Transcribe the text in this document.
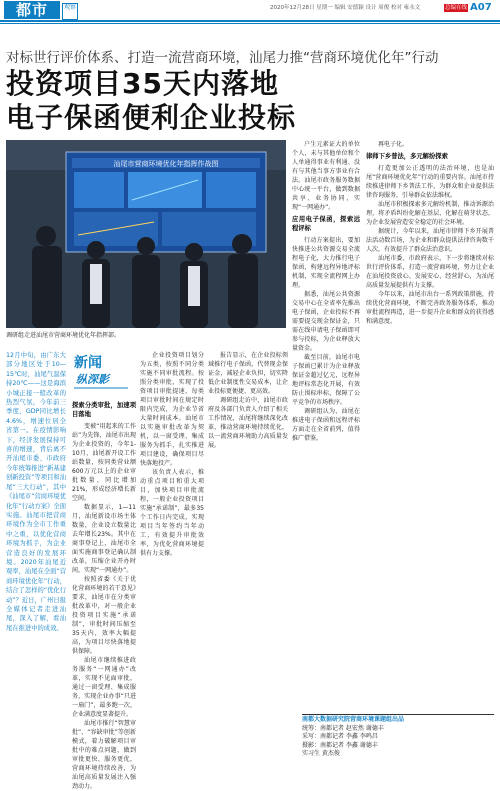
都市	观察	2020年12月28日 星期一 编辑 安德颖 设计 周俊 校对 雍永文	总编在线 A07
对标世行评价体系、打造一流营商环境，汕尾力推“营商环境优化年”行动
投资项目35天内落地
电子保函便利企业投标
汕尾市营商环境优化年指挥作战图
调研组走进汕尾市营商环境优化年指挥部。
12月中旬，由广东大部分地区处于10—15℃时，汕尾气温保持20℃——这是海滨小城正接一般改革的热烈气氛，今年前三季度，GDP同比增长4.6%，增速位居全省第一。在疫情影响下，经济发展保持可喜的增速，背后离不开汕尾市委、市政府今年统筹推进“新基建创新投资”等项目和汕尾“三大行动”，其中《汕尾市“营商环境优化年”行动方案》全面实施。汕尾市把营商环境作为全市工作重中之重，以优化营商环境为抓手，为企业营造良好的发展环境。2020年汕尾近观率，汕尾在全面“营商环境优化年”行动，结合了怎样的“优化行动”？近日，广州日报全媒体记者走进汕尾，深入了解，看汕尾在推进中的成效。
新闻
纵深影

探索分类审批，加速项目落地

变被“用起来的工作站”为先锋，汕尾市出现为企业投资的，今年1-10月，汕尾新开设工作站数量，按同类营业额600万元以上的企业审批数量，同比增加21%，形成经济增长新空间。

数据显示，1—11月，汕尾新设市场主体数量，企业设立数量比去年增长23%。其中在商事登记上，汕尾市全面实施商事登记确认制改革，压缩企业开办时间，实现“一网通办”。

按照省委《关于优化营商环境的若干意见》要求，汕尾市在分类审批改革中，对一般企业投资项目实施“承诺制”，审批时间压缩至35天内，效率大幅提高，为项目尽快落地提供保障。

汕尾市继续推进政务服务“一网通办”改革，实现不见面审批，通过一窗受理、集成服务，实现企业办事“只进一扇门”，最多跑一次，企业满意度显著提升。

汕尾市推行“智慧审批”、“容缺审批”等创新模式，着力破解项目审批中的难点问题，做到审批更快、服务更优，营商环境持续改善，为汕尾高质量发展注入强劲动力。

企业投资项目划分为五类，按照不同分类实施不同审批流程。按照分类审批，实现了投资项目审批提速，每类项目审批时间在规定时限内完成，为企业节省大量时间成本。汕尾市以实施审批改革为契机，以一窗受理、集成服务为抓手，扎实推进项目建设，确保项目尽快落地投产。

该负责人表示，推动重点项目和重大项目，加快项目审批流程，一般企业投资项目实施“承诺制”，最多35个工作日内完成，实现项目当年签约当年动工，有效提升审批效率，为优化营商环境提供有力支撑。

户生元素证大的单位个人，未与其他单位和个人单通得事业有利通、没有与其他当事方事业有合法。汕尾市政务服务数据中心统一平台，做到数据共享、业务协同，实现“一网通办”。

应用电子保函，探索远程评标

行动方案提出，要加快推进公共资源交易全流程电子化，大力推行电子保函，构建远程异地评标机制，实现全流程网上办理。

据悉，汕尾公共资源交易中心在全省率先推出电子保函，企业投标不再需要提交现金保证金，只需在线申请电子保函即可参与投标，为企业释放大量资金。

截至目前，汕尾市电子保函已累计为企业释放保证金超过亿元，远程异地评标常态化开展，有效防止围标串标，保障了公平竞争的市场秩序。

调研组认为，汕尾在推进电子保函和远程评标方面走在全省前列，值得推广借鉴。

再电子化。

律师下乡普法，多元解纷探索

打造更加公正透明的法治环境，也是汕尾“营商环境优化年”行动的重要内容。汕尾市持续推进律师下乡普法工作，为群众和企业提供法律咨询服务，引导群众依法维权。

汕尾市积极探索多元解纷机制，推动诉源治理，将矛盾纠纷化解在基层、化解在萌芽状态，为企业发展营造安全稳定的社会环境。

据统计，今年以来，汕尾市律师下乡开展普法活动数百场，为企业和群众提供法律咨询数千人次，有效提升了群众法治意识。

汕尾市委、市政府表示，下一步将继续对标世行评价体系，打造一流营商环境，努力让企业在汕尾投资放心、发展安心、经营舒心，为汕尾高质量发展提供有力支撑。

今年以来，汕尾市出台一系列政策措施，持续优化营商环境，不断完善政务服务体系，推动审批流程再造，进一步提升企业和群众的获得感和满意度。

报告显示，在企业投标领域推行电子保函，代替现金保证金，减轻企业负担，切实降低企业制度性交易成本，让企业投标更便捷、更高效。

调研组走访中，汕尾市政府及各部门负责人介绍了相关工作情况，汕尾将继续深化改革，推动营商环境持续优化，以一流营商环境助力高质量发展。

南都大数据研究院营商环境课题组出品
统筹：南都记者 赵宏然 谢德丰
采写：南都记者 李鑫 李鸣昌
摄影：南都记者 李鑫 谢德丰
实习生 黄杰俊
